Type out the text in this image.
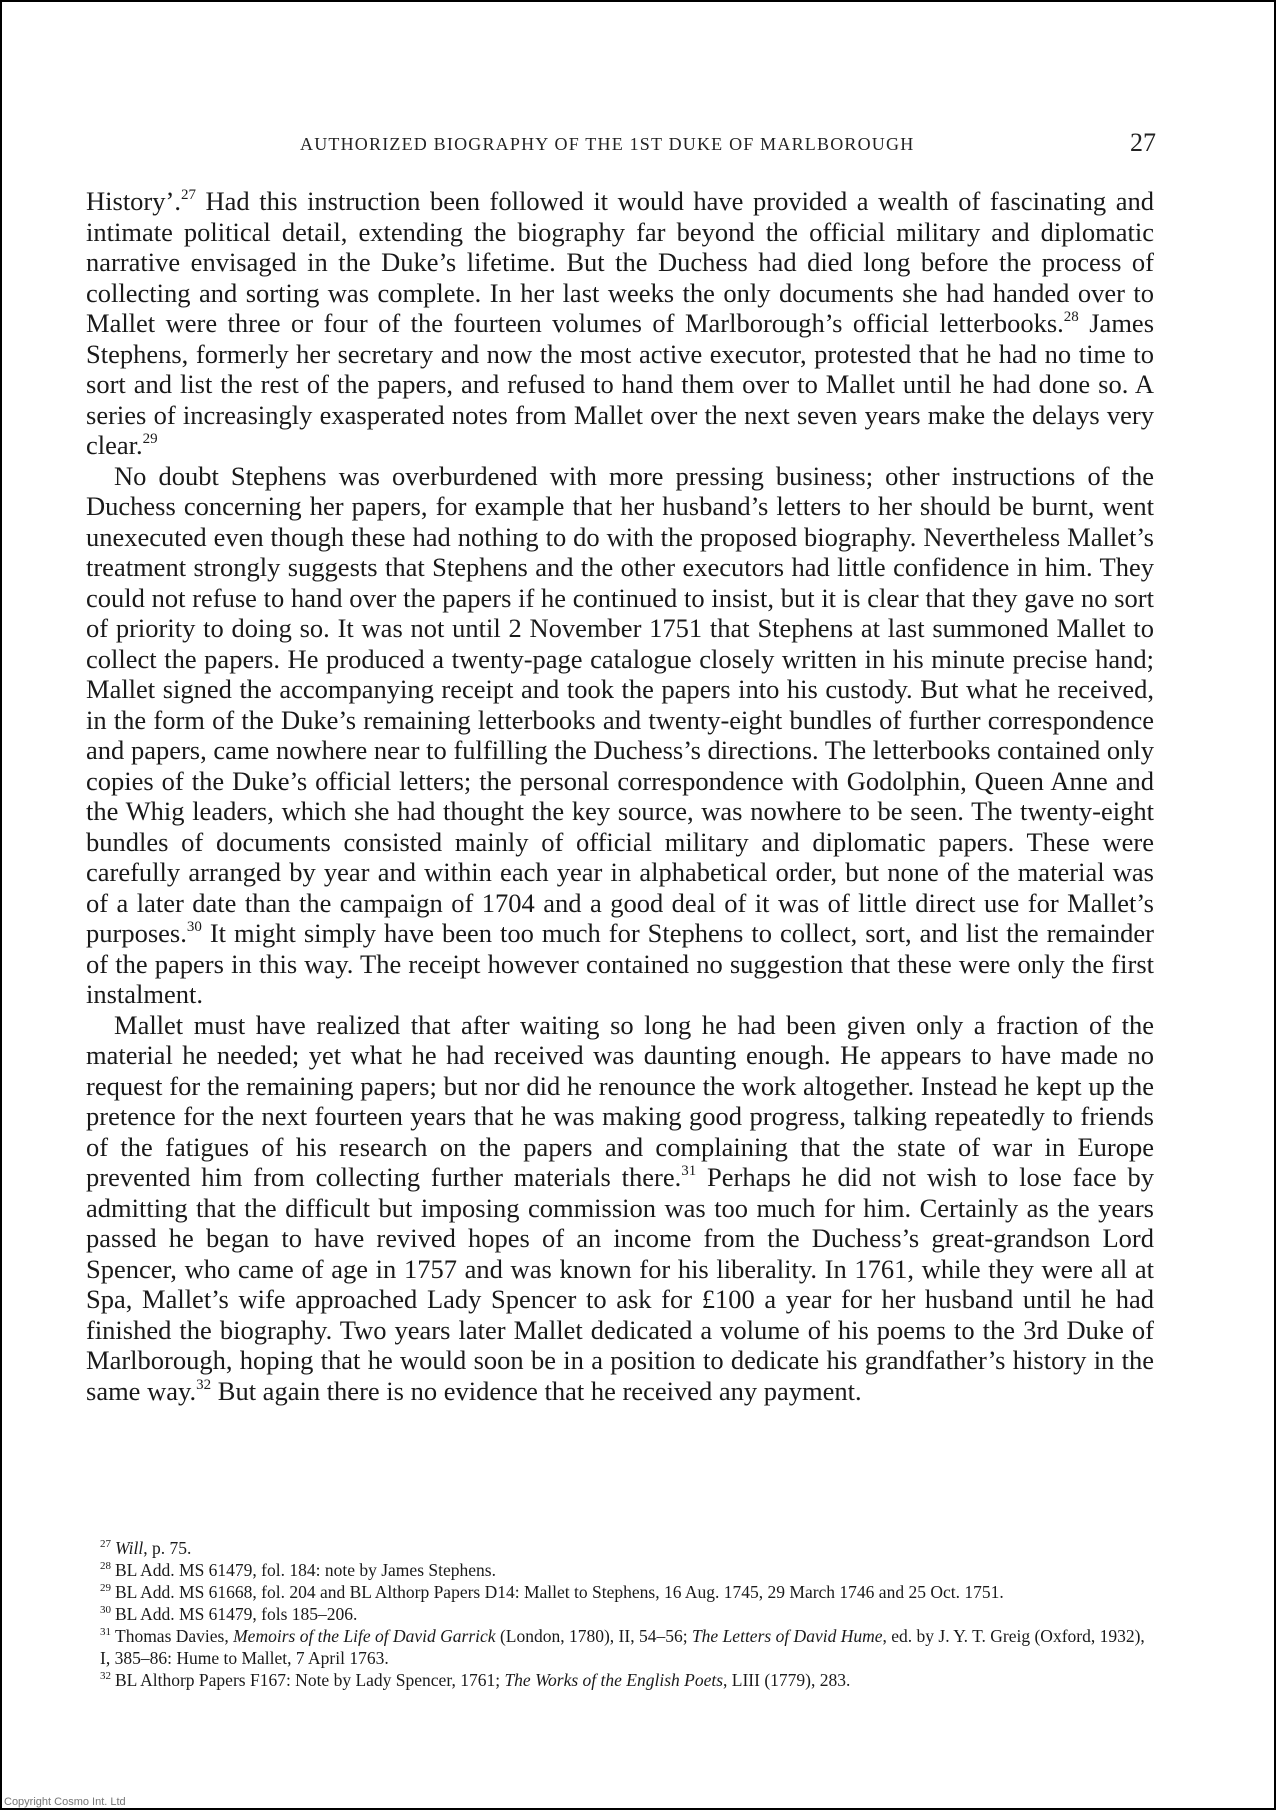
AUTHORIZED BIOGRAPHY OF THE 1ST DUKE OF MARLBOROUGH	27

History’.$^{27}$ Had this instruction been followed it would have provided a wealth of fascinating and intimate political detail, extending the biography far beyond the official military and diplomatic narrative envisaged in the Duke’s lifetime. But the Duchess had died long before the process of collecting and sorting was complete. In her last weeks the only documents she had handed over to Mallet were three or four of the fourteen volumes of Marlborough’s official letterbooks.$^{28}$ James Stephens, formerly her secretary and now the most active executor, protested that he had no time to sort and list the rest of the papers, and refused to hand them over to Mallet until he had done so. A series of increasingly exasperated notes from Mallet over the next seven years make the delays very clear.$^{29}$

No doubt Stephens was overburdened with more pressing business; other instructions of the Duchess concerning her papers, for example that her husband’s letters to her should be burnt, went unexecuted even though these had nothing to do with the proposed biography. Nevertheless Mallet’s treatment strongly suggests that Stephens and the other executors had little confidence in him. They could not refuse to hand over the papers if he continued to insist, but it is clear that they gave no sort of priority to doing so. It was not until 2 November 1751 that Stephens at last summoned Mallet to collect the papers. He produced a twenty-page catalogue closely written in his minute precise hand; Mallet signed the accompanying receipt and took the papers into his custody. But what he received, in the form of the Duke’s remaining letterbooks and twenty-eight bundles of further correspondence and papers, came nowhere near to fulfilling the Duchess’s directions. The letterbooks contained only copies of the Duke’s official letters; the personal correspondence with Godolphin, Queen Anne and the Whig leaders, which she had thought the key source, was nowhere to be seen. The twenty-eight bundles of documents consisted mainly of official military and diplomatic papers. These were carefully arranged by year and within each year in alphabetical order, but none of the material was of a later date than the campaign of 1704 and a good deal of it was of little direct use for Mallet’s purposes.$^{30}$ It might simply have been too much for Stephens to collect, sort, and list the remainder of the papers in this way. The receipt however contained no suggestion that these were only the first instalment.

Mallet must have realized that after waiting so long he had been given only a fraction of the material he needed; yet what he had received was daunting enough. He appears to have made no request for the remaining papers; but nor did he renounce the work altogether. Instead he kept up the pretence for the next fourteen years that he was making good progress, talking repeatedly to friends of the fatigues of his research on the papers and complaining that the state of war in Europe prevented him from collecting further materials there.$^{31}$ Perhaps he did not wish to lose face by admitting that the difficult but imposing commission was too much for him. Certainly as the years passed he began to have revived hopes of an income from the Duchess’s great-grandson Lord Spencer, who came of age in 1757 and was known for his liberality. In 1761, while they were all at Spa, Mallet’s wife approached Lady Spencer to ask for £100 a year for her husband until he had finished the biography. Two years later Mallet dedicated a volume of his poems to the 3rd Duke of Marlborough, hoping that he would soon be in a position to dedicate his grandfather’s history in the same way.$^{32}$ But again there is no evidence that he received any payment.

$^{27}$ Will, p. 75.

$^{28}$ BL Add. MS 61479, fol. 184: note by James Stephens.

$^{29}$ BL Add. MS 61668, fol. 204 and BL Althorp Papers D14: Mallet to Stephens, 16 Aug. 1745, 29 March 1746 and 25 Oct. 1751.

$^{30}$ BL Add. MS 61479, fols 185–206.

$^{31}$ Thomas Davies, Memoirs of the Life of David Garrick (London, 1780), II, 54–56; The Letters of David Hume, ed. by J. Y. T. Greig (Oxford, 1932), I, 385–86: Hume to Mallet, 7 April 1763.

$^{32}$ BL Althorp Papers F167: Note by Lady Spencer, 1761; The Works of the English Poets, LIII (1779), 283.

Copyright Cosmo Int. Ltd
